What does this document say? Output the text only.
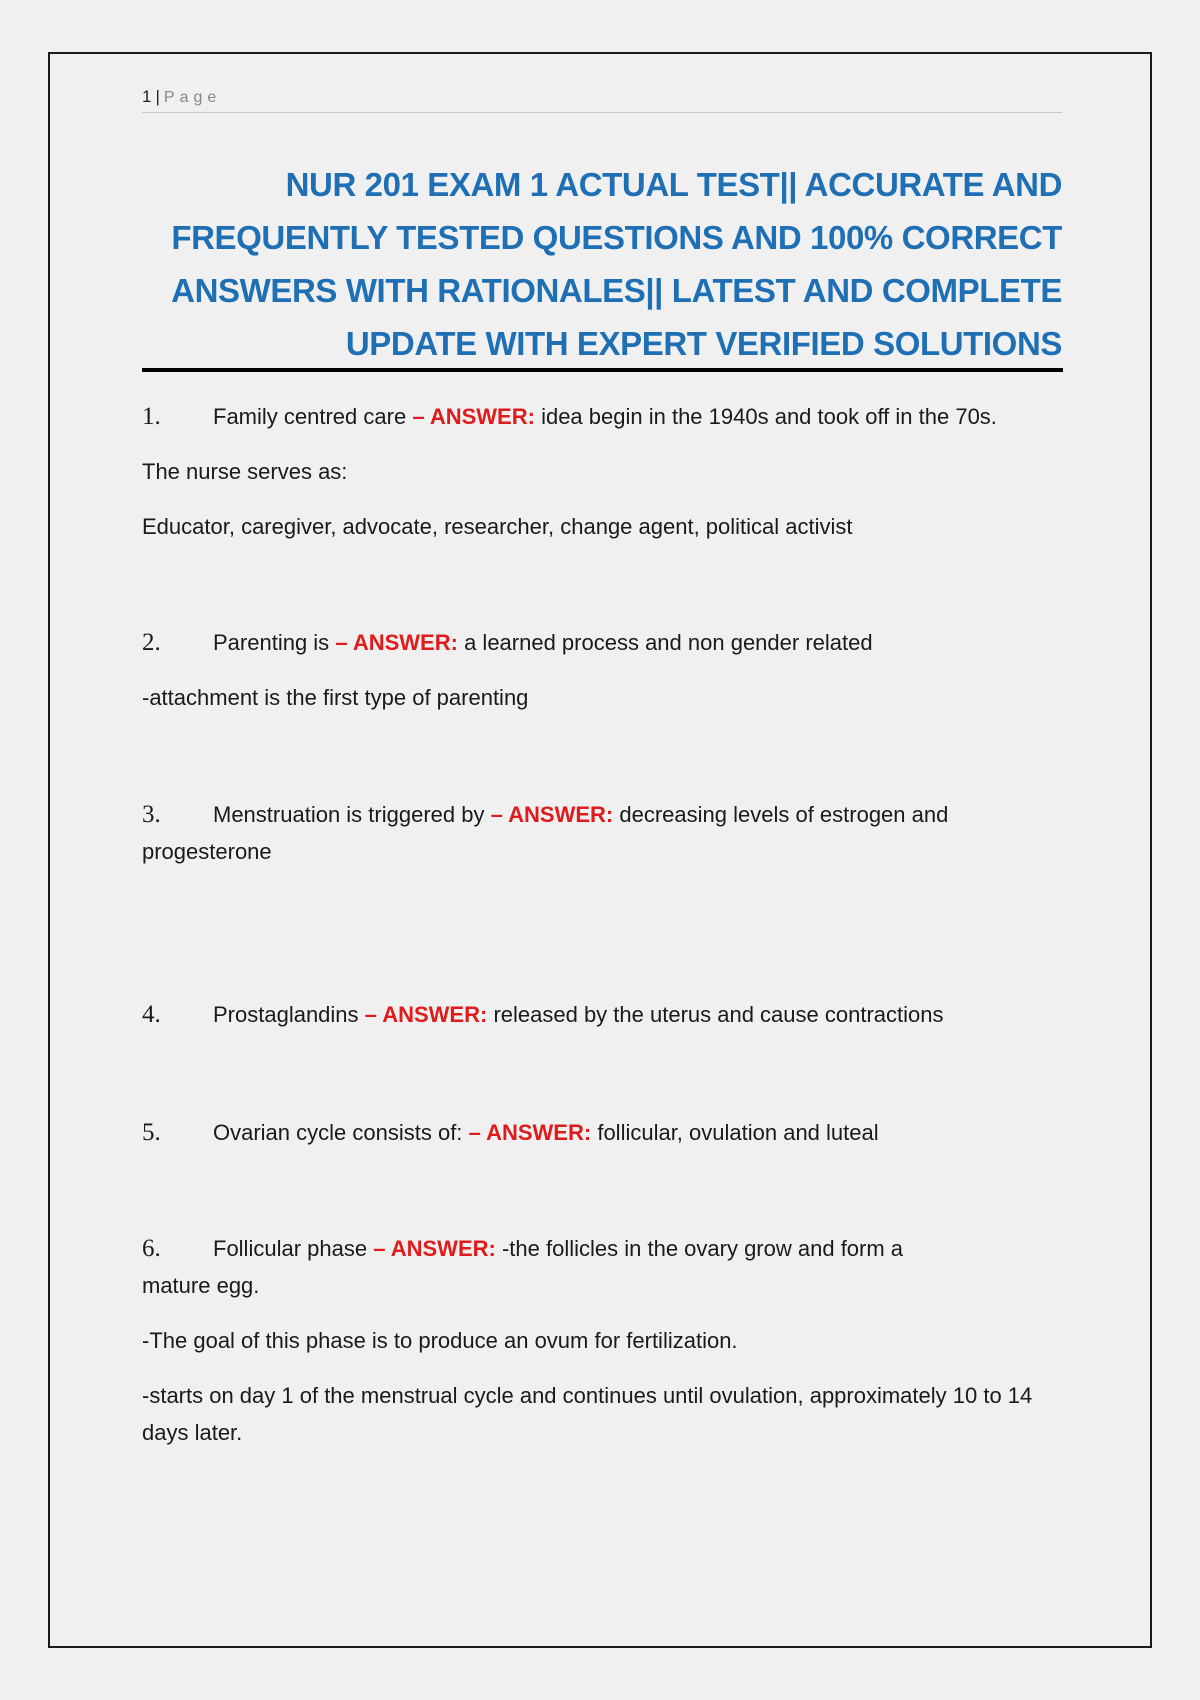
1 | Page
NUR 201 EXAM 1 ACTUAL TEST|| ACCURATE AND
FREQUENTLY TESTED QUESTIONS AND 100% CORRECT
ANSWERS WITH RATIONALES|| LATEST AND COMPLETE
UPDATE WITH EXPERT VERIFIED SOLUTIONS

1. Family centred care – ANSWER: idea begin in the 1940s and took off in the 70s.

The nurse serves as:

Educator, caregiver, advocate, researcher, change agent, political activist

2. Parenting is – ANSWER: a learned process and non gender related

-attachment is the first type of parenting

3. Menstruation is triggered by – ANSWER: decreasing levels of estrogen and progesterone

4. Prostaglandins – ANSWER: released by the uterus and cause contractions

5. Ovarian cycle consists of: – ANSWER: follicular, ovulation and luteal

6. Follicular phase – ANSWER: -the follicles in the ovary grow and form a mature egg.

-The goal of this phase is to produce an ovum for fertilization.

-starts on day 1 of the menstrual cycle and continues until ovulation, approximately 10 to 14 days later.
